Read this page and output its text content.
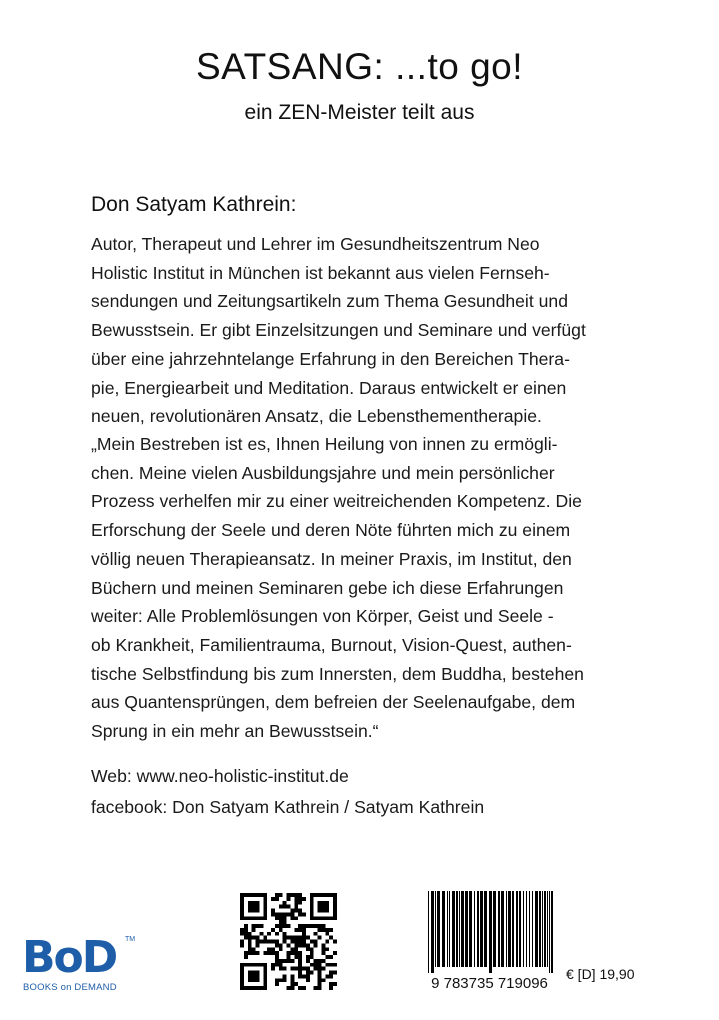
SATSANG: ...to go!
ein ZEN-Meister teilt aus
Don Satyam Kathrein:
Autor, Therapeut und Lehrer im Gesundheitszentrum Neo
Holistic Institut in München ist bekannt aus vielen Fernseh-
sendungen und Zeitungsartikeln zum Thema Gesundheit und
Bewusstsein. Er gibt Einzelsitzungen und Seminare und verfügt
über eine jahrzehntelange Erfahrung in den Bereichen Thera-
pie, Energiearbeit und Meditation. Daraus entwickelt er einen
neuen, revolutionären Ansatz, die Lebensthementherapie.
„Mein Bestreben ist es, Ihnen Heilung von innen zu ermögli-
chen. Meine vielen Ausbildungsjahre und mein persönlicher
Prozess verhelfen mir zu einer weitreichenden Kompetenz. Die
Erforschung der Seele und deren Nöte führten mich zu einem
völlig neuen Therapieansatz. In meiner Praxis, im Institut, den
Büchern und meinen Seminaren gebe ich diese Erfahrungen
weiter: Alle Problemlösungen von Körper, Geist und Seele -
ob Krankheit, Familientrauma, Burnout, Vision-Quest, authen-
tische Selbstfindung bis zum Innersten, dem Buddha, bestehen
aus Quantensprüngen, dem befreien der Seelenaufgabe, dem
Sprung in ein mehr an Bewusstsein.“
Web: www.neo-holistic-institut.de
facebook: Don Satyam Kathrein / Satyam Kathrein
BoD TM
BOOKS on DEMAND	9 783735 719096
€ [D] 19,90
